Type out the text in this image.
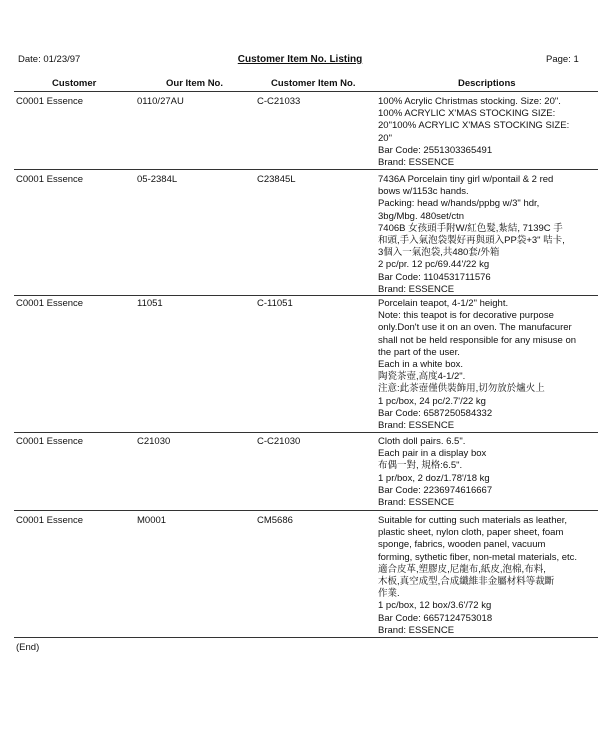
Date: 01/23/97	Customer Item No. Listing	Page: 1
Customer	Our Item No.	Customer Item No.	Descriptions
C0001 Essence	0110/27AU	C-C21033	100% Acrylic Christmas stocking. Size: 20".
100% ACRYLIC X'MAS STOCKING SIZE:
20"100% ACRYLIC X'MAS STOCKING SIZE:
20"
Bar Code: 2551303365491
Brand: ESSENCE
C0001 Essence	05-2384L	C23845L	7436A Porcelain tiny girl w/pontail & 2 red
bows w/1153c hands.
Packing: head w/hands/ppbg w/3" hdr,
3bg/Mbg. 480set/ctn
7406B 女孩頭手附W/紅色髮,紮結, 7139C 手
和頭,手入氣泡袋製好再與頭入PP袋+3" 咭卡,
3個入一氣泡袋,共480套/外箱
2 pc/pr. 12 pc/69.44'/22 kg
Bar Code: 1104531711576
Brand: ESSENCE
C0001 Essence	11051	C-11051	Porcelain teapot, 4-1/2" height.
Note: this teapot is for decorative purpose
only.Don't use it on an oven. The manufacurer
shall not be held responsible for any misuse on
the part of the user.
Each in a white box.
陶瓷茶壺,高度4-1/2".
注意:此茶壺僅供裝飾用,切勿放於爐火上
1 pc/box, 24 pc/2.7'/22 kg
Bar Code: 6587250584332
Brand: ESSENCE
C0001 Essence	C21030	C-C21030	Cloth doll pairs. 6.5".
Each pair in a display box
布偶一對, 規格:6.5".
1 pr/box, 2 doz/1.78'/18 kg
Bar Code: 2236974616667
Brand: ESSENCE
C0001 Essence	M0001	CM5686	Suitable for cutting such materials as leather,
plastic sheet, nylon cloth, paper sheet, foam
sponge, fabrics, wooden panel, vacuum
forming, sythetic fiber, non-metal materials, etc.
適合皮革,塑膠皮,尼龍布,紙皮,泡棉,布料,
木板,真空成型,合成纖維非金屬材料等裁斷
作業.
1 pc/box, 12 box/3.6'/72 kg
Bar Code: 6657124753018
Brand: ESSENCE
(End)
